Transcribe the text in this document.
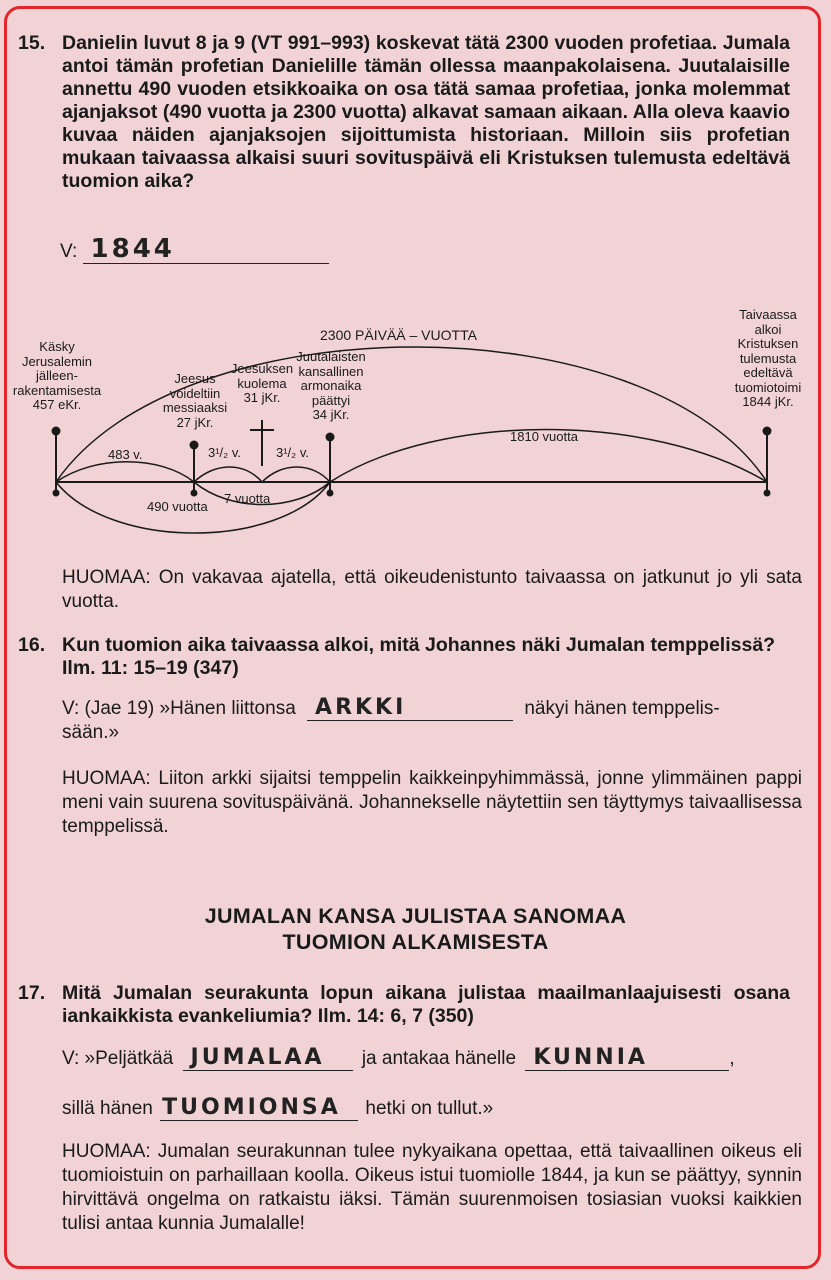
15. Danielin luvut 8 ja 9 (VT 991–993) koskevat tätä 2300 vuoden profetiaa. Jumala antoi tämän profetian Danielille tämän ollessa maanpakolaisena. Juutalaisille annettu 490 vuoden etsikkoaika on osa tätä samaa profetiaa, jonka molemmat ajanjaksot (490 vuotta ja 2300 vuotta) alkavat samaan aikaan. Alla oleva kaavio kuvaa näiden ajanjaksojen sijoittumista historiaan. Milloin siis profetian mukaan taivaassa alkaisi suuri sovituspäivä eli Kristuksen tulemusta edeltävä tuomion aika?
V: 1844
2300 PÄIVÄÄ – VUOTTA
Käsky
Jerusalemin
jälleen-
rakentamisesta
457 eKr.
Jeesus
voideltiin
messiaaksi
27 jKr.
Jeesuksen
kuolema
31 jKr.
Juutalaisten
kansallinen
armonaika
päättyi
34 jKr.
Taivaassa
alkoi
Kristuksen
tulemusta
edeltävä
tuomiotoimi
1844 jKr.
483 v.	3¹/₂ v.	3¹/₂ v.
1810 vuotta
490 vuotta
7 vuotta
HUOMAA: On vakavaa ajatella, että oikeudenistunto taivaassa on jatkunut jo yli sata vuotta.
16. Kun tuomion aika taivaassa alkoi, mitä Johannes näki Jumalan temppelissä? Ilm. 11: 15–19 (347)
V: (Jae 19) »Hänen liittonsa ARKKI	näkyi hänen temppelis-
sään.»
HUOMAA: Liiton arkki sijaitsi temppelin kaikkeinpyhimmässä, jonne ylimmäinen pappi meni vain suurena sovituspäivänä. Johannekselle näytettiin sen täyttymys taivaallisessa temppelissä.
JUMALAN KANSA JULISTAA SANOMAA
TUOMION ALKAMISESTA
17. Mitä Jumalan seurakunta lopun aikana julistaa maailmanlaajuisesti osana iankaikkista evankeliumia? Ilm. 14: 6, 7 (350)
V: »Peljätkää JUMALAA ja antakaa hänelle KUNNIA	,
sillä hänen TUOMIONSA hetki on tullut.»
HUOMAA: Jumalan seurakunnan tulee nykyaikana opettaa, että taivaallinen oikeus eli tuomioistuin on parhaillaan koolla. Oikeus istui tuomiolle 1844, ja kun se päättyy, synnin hirvittävä ongelma on ratkaistu iäksi. Tämän suurenmoisen tosiasian vuoksi kaikkien tulisi antaa kunnia Jumalalle!
